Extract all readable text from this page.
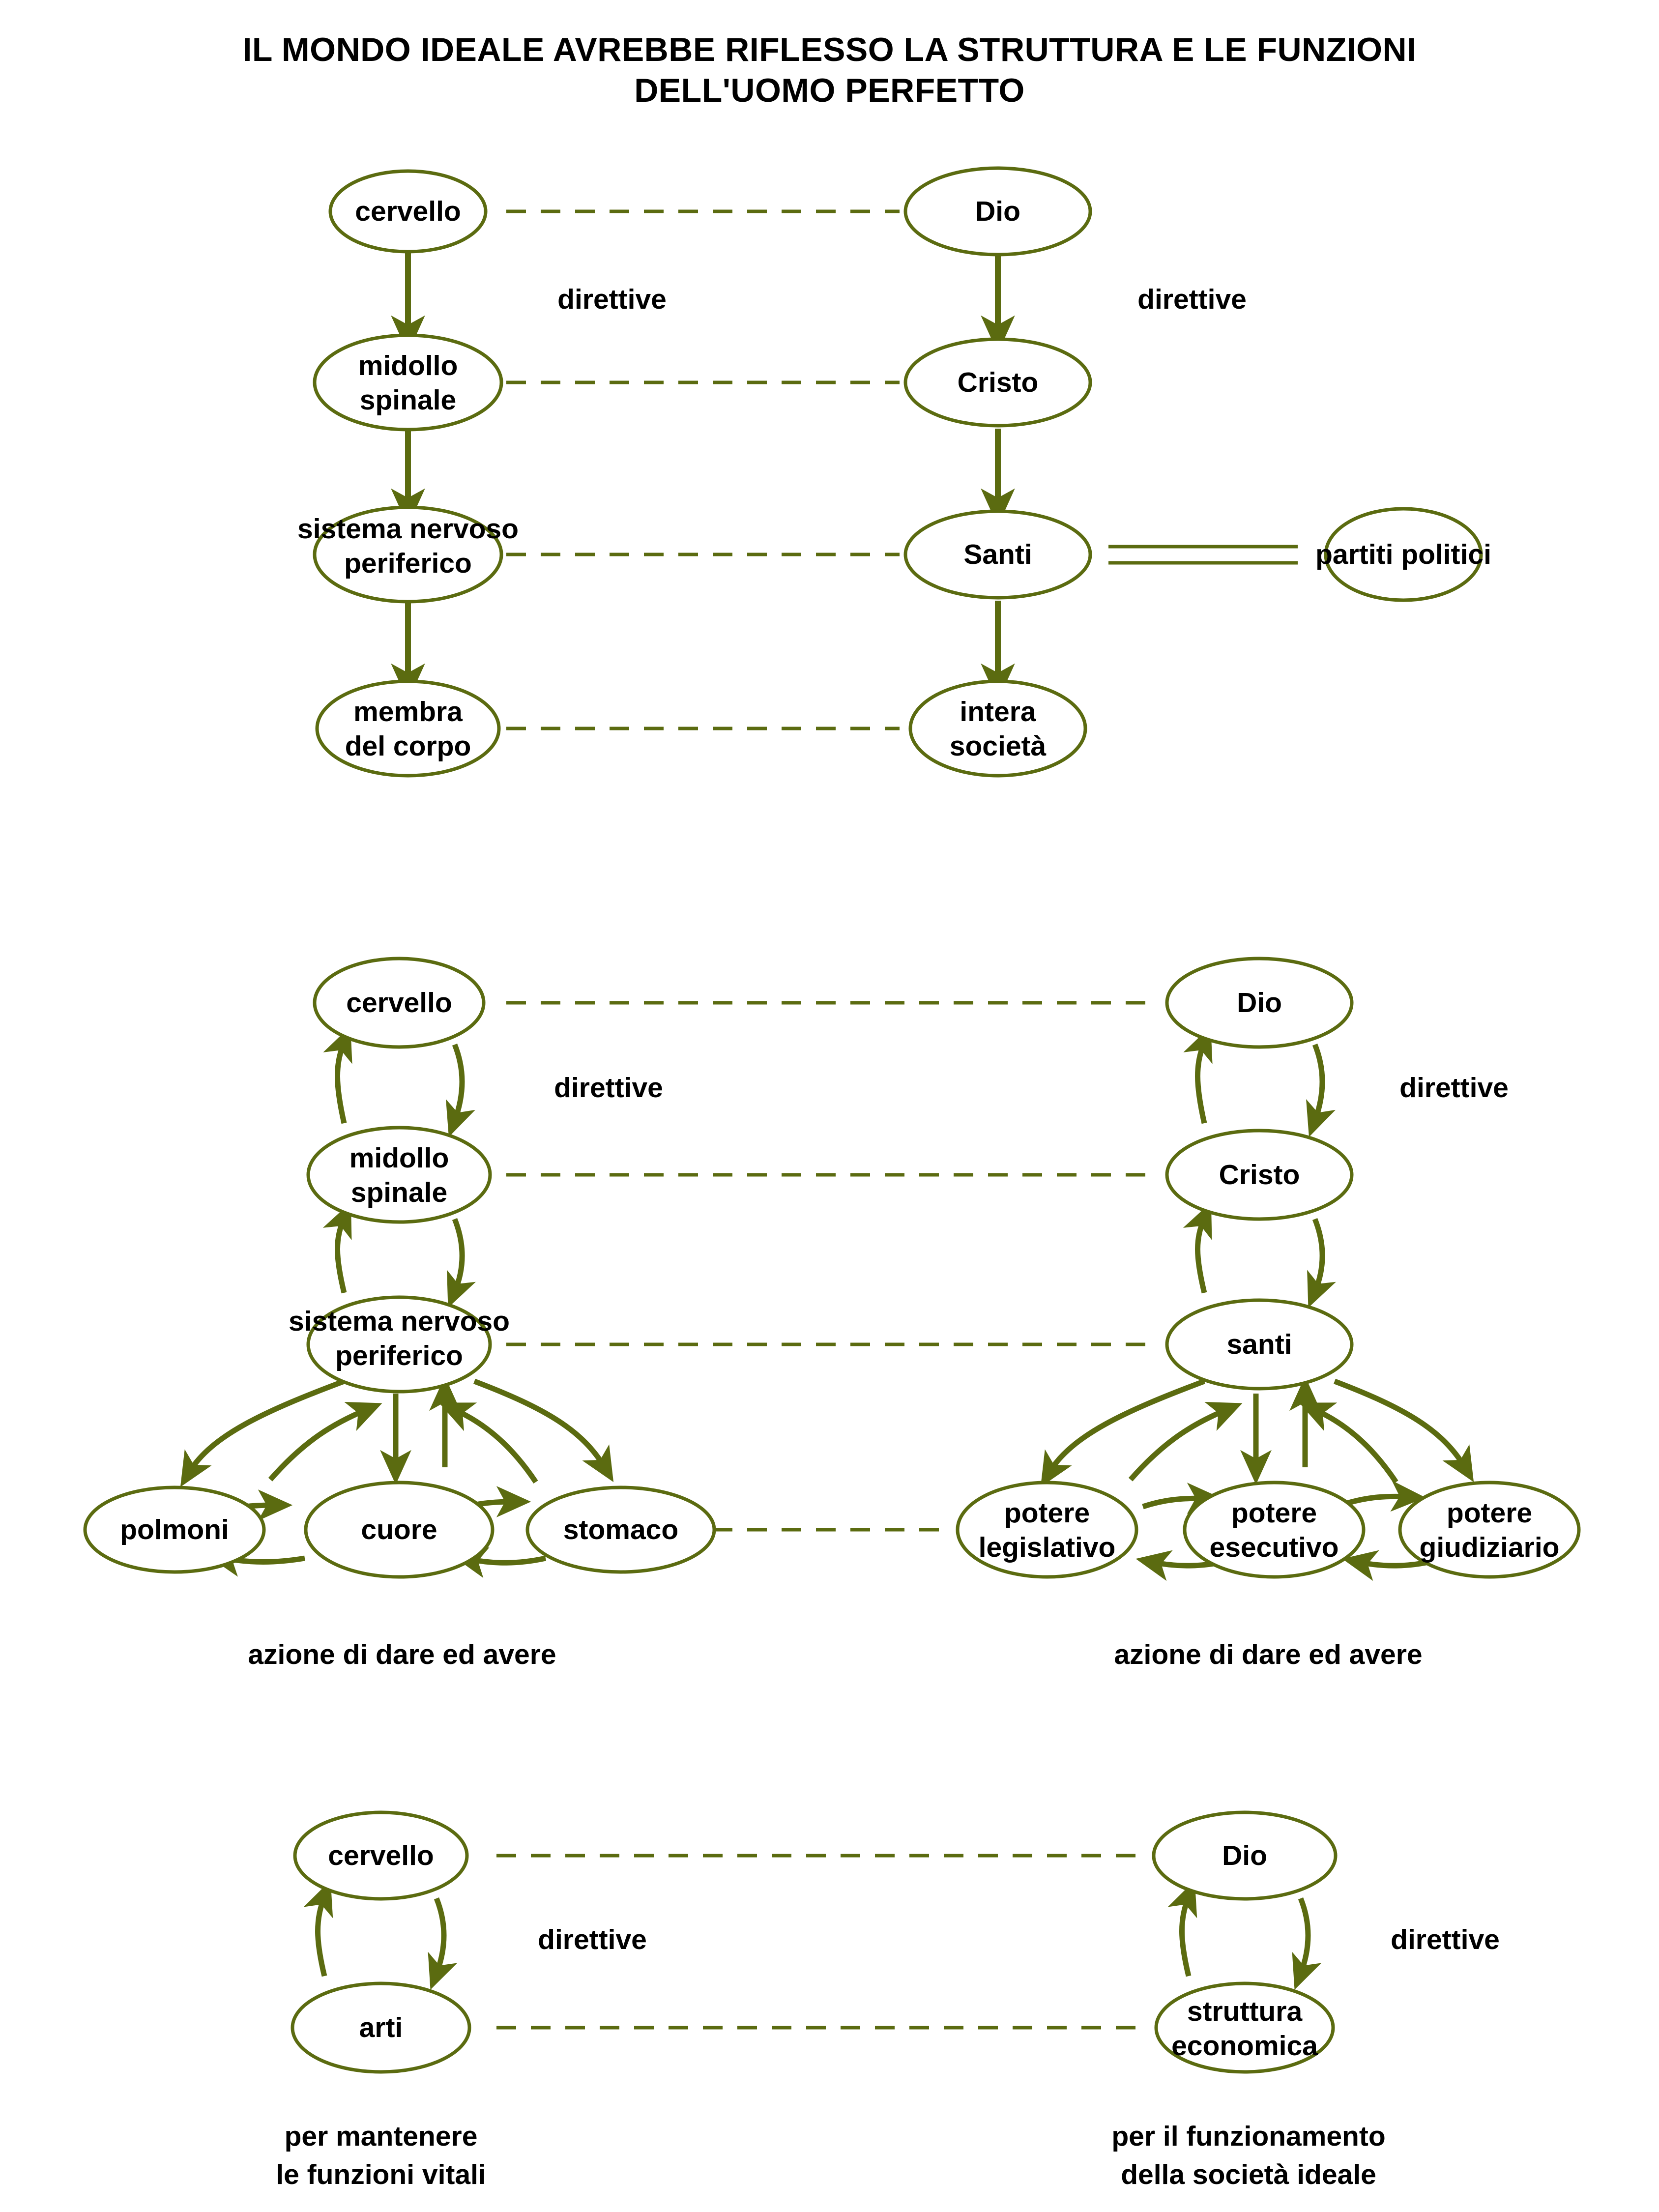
IL MONDO IDEALE AVREBBE RIFLESSO LA STRUTTURA E LE FUNZIONI
DELL'UOMO PERFETTO
cervello
midollo
spinale
sistema nervoso
periferico
membra
del corpo
Dio
Cristo
Santi
intera
società
partiti politici
direttive	direttive
cervello
midollo
spinale
sistema nervoso
periferico
polmoni	cuore	stomaco
Dio
Cristo
santi
potere
legislativo
potere
esecutivo
potere
giudiziario
direttive	direttive
azione di dare ed avere	azione di dare ed avere
cervello
arti
Dio
struttura
economica
direttive	direttive
per mantenere
le funzioni vitali
per il funzionamento
della società ideale
